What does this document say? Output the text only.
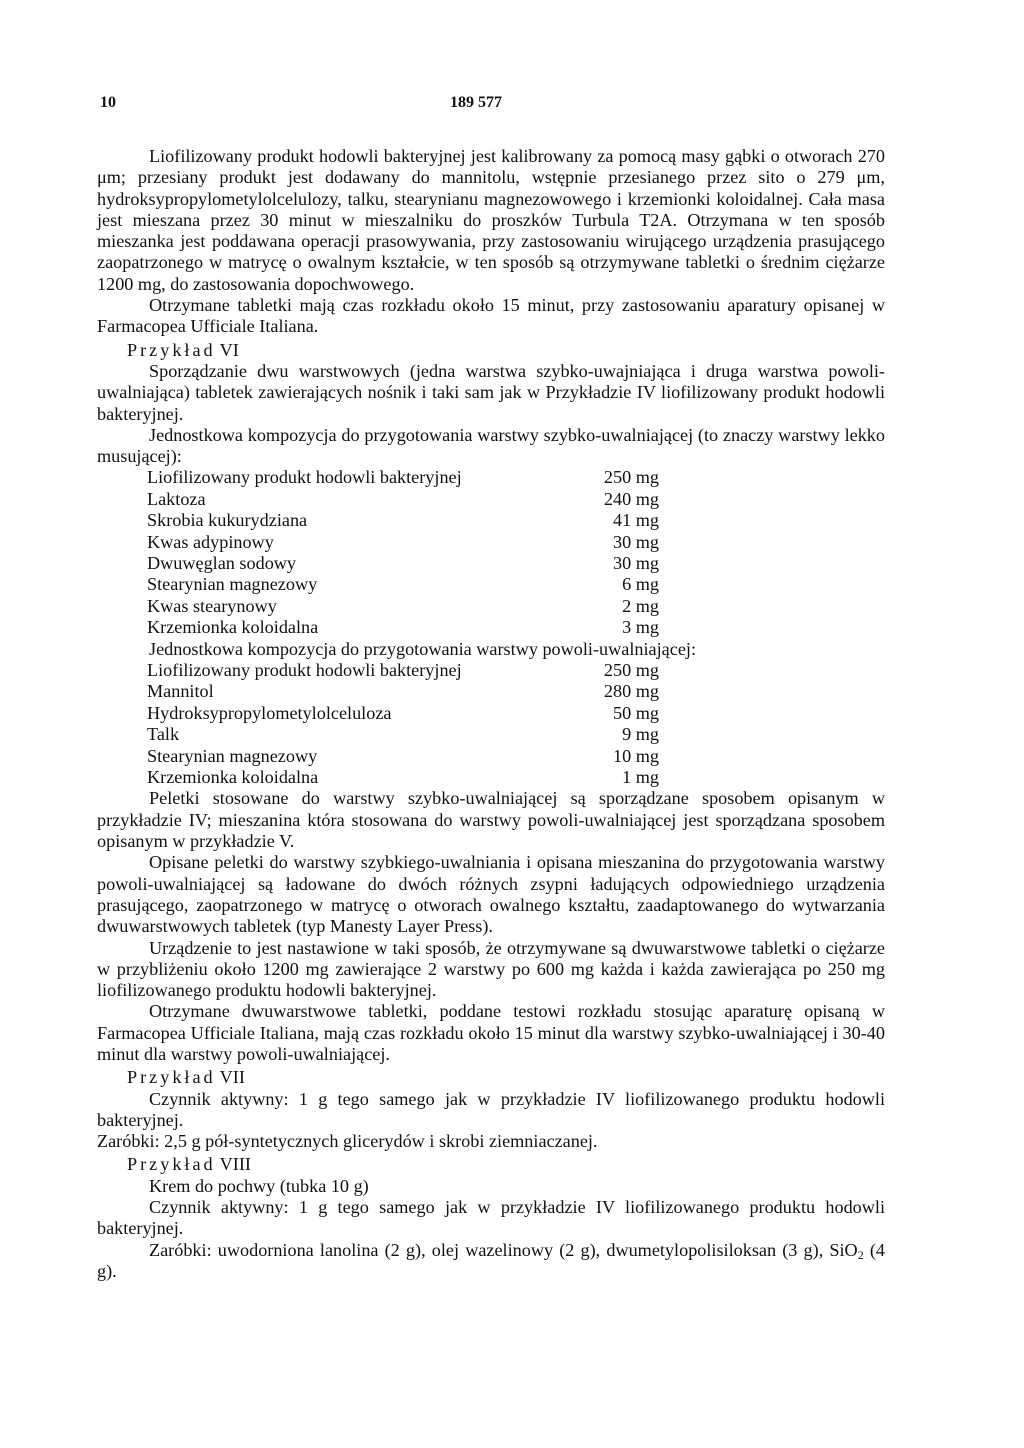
10	189 577

Liofilizowany produkt hodowli bakteryjnej jest kalibrowany za pomocą masy gąbki o otworach 270 μm; przesiany produkt jest dodawany do mannitolu, wstępnie przesianego przez sito o 279 μm, hydroksypropylometylolcelulozy, talku, stearynianu magnezowowego i krzemionki koloidalnej. Cała masa jest mieszana przez 30 minut w mieszalniku do proszków Turbula T2A. Otrzymana w ten sposób mieszanka jest poddawana operacji prasowywania, przy zastosowaniu wirującego urządzenia prasującego zaopatrzonego w matrycę o owalnym kształcie, w ten sposób są otrzymywane tabletki o średnim ciężarze 1200 mg, do zastosowania dopochwowego.

Otrzymane tabletki mają czas rozkładu około 15 minut, przy zastosowaniu aparatury opisanej w Farmacopea Ufficiale Italiana.

Przykład VI

Sporządzanie dwu warstwowych (jedna warstwa szybko-uwajniająca i druga warstwa powoli-uwalniająca) tabletek zawierających nośnik i taki sam jak w Przykładzie IV liofilizowany produkt hodowli bakteryjnej.

Jednostkowa kompozycja do przygotowania warstwy szybko-uwalniającej (to znaczy warstwy lekko musującej):

Liofilizowany produkt hodowli bakteryjnej	250 mg
Laktoza	240 mg
Skrobia kukurydziana	41 mg
Kwas adypinowy	30 mg
Dwuwęglan sodowy	30 mg
Stearynian magnezowy	6 mg
Kwas stearynowy	2 mg
Krzemionka koloidalna	3 mg

Jednostkowa kompozycja do przygotowania warstwy powoli-uwalniającej:

Liofilizowany produkt hodowli bakteryjnej	250 mg
Mannitol	280 mg
Hydroksypropylometylolceluloza	50 mg
Talk	9 mg
Stearynian magnezowy	10 mg
Krzemionka koloidalna	1 mg

Peletki stosowane do warstwy szybko-uwalniającej są sporządzane sposobem opisanym w przykładzie IV; mieszanina która stosowana do warstwy powoli-uwalniającej jest sporządzana sposobem opisanym w przykładzie V.

Opisane peletki do warstwy szybkiego-uwalniania i opisana mieszanina do przygotowania warstwy powoli-uwalniającej są ładowane do dwóch różnych zsypni ładujących odpowiedniego urządzenia prasującego, zaopatrzonego w matrycę o otworach owalnego kształtu, zaadaptowanego do wytwarzania dwuwarstwowych tabletek (typ Manesty Layer Press).

Urządzenie to jest nastawione w taki sposób, że otrzymywane są dwuwarstwowe tabletki o ciężarze w przybliżeniu około 1200 mg zawierające 2 warstwy po 600 mg każda i każda zawierająca po 250 mg liofilizowanego produktu hodowli bakteryjnej.

Otrzymane dwuwarstwowe tabletki, poddane testowi rozkładu stosując aparaturę opisaną w Farmacopea Ufficiale Italiana, mają czas rozkładu około 15 minut dla warstwy szybko-uwalniającej i 30-40 minut dla warstwy powoli-uwalniającej.

Przykład VII

Czynnik aktywny: 1 g tego samego jak w przykładzie IV liofilizowanego produktu hodowli bakteryjnej.

Zaróbki: 2,5 g pół-syntetycznych glicerydów i skrobi ziemniaczanej.

Przykład VIII

Krem do pochwy (tubka 10 g)

Czynnik aktywny: 1 g tego samego jak w przykładzie IV liofilizowanego produktu hodowli bakteryjnej.

Zaróbki: uwodorniona lanolina (2 g), olej wazelinowy (2 g), dwumetylopolisiloksan (3 g), SiO$_2$ (4 g).
